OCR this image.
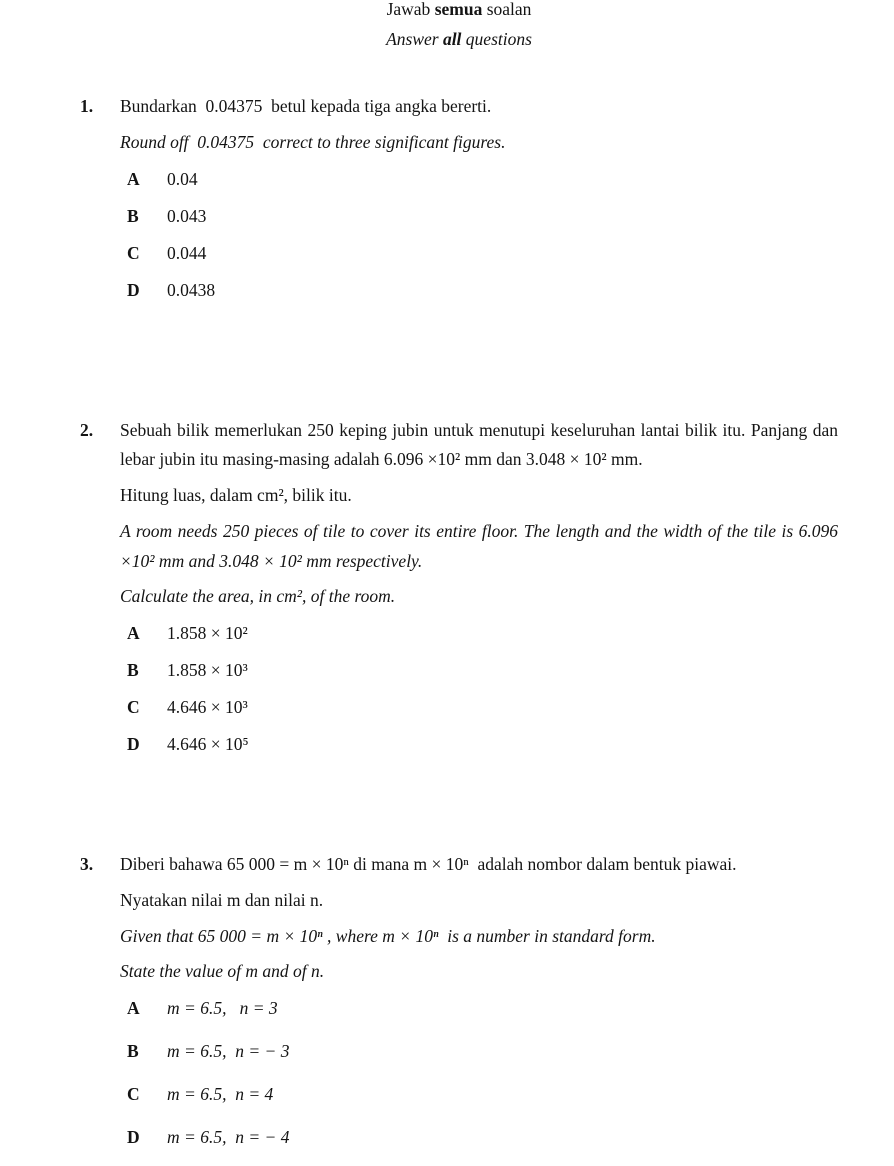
Jawab semua soalan

Answer all questions

1.	Bundarkan  0.04375  betul kepada tiga angka bererti.

Round off  0.04375  correct to three significant figures.

A	0.04
B	0.043
C	0.044
D	0.0438
2.	Sebuah bilik memerlukan 250 keping jubin untuk menutupi keseluruhan lantai bilik itu. Panjang dan lebar jubin itu masing-masing adalah 6.096 ×10² mm dan 3.048 × 10² mm.

Hitung luas, dalam cm², bilik itu.

A room needs 250 pieces of tile to cover its entire floor. The length and the width of the tile is 6.096 ×10² mm and 3.048 × 10² mm respectively.

Calculate the area, in cm², of the room.

A	1.858 × 10²
B	1.858 × 10³
C	4.646 × 10³
D	4.646 × 10⁵
3.	Diberi bahawa 65 000 = m × 10ⁿ di mana m × 10ⁿ  adalah nombor dalam bentuk piawai.

Nyatakan nilai m dan nilai n.

Given that 65 000 = m × 10ⁿ , where m × 10ⁿ  is a number in standard form.

State the value of m and of n.

A	m = 6.5,   n = 3
B	m = 6.5,  n = − 3
C	m = 6.5,  n = 4
D	m = 6.5,  n = − 4
